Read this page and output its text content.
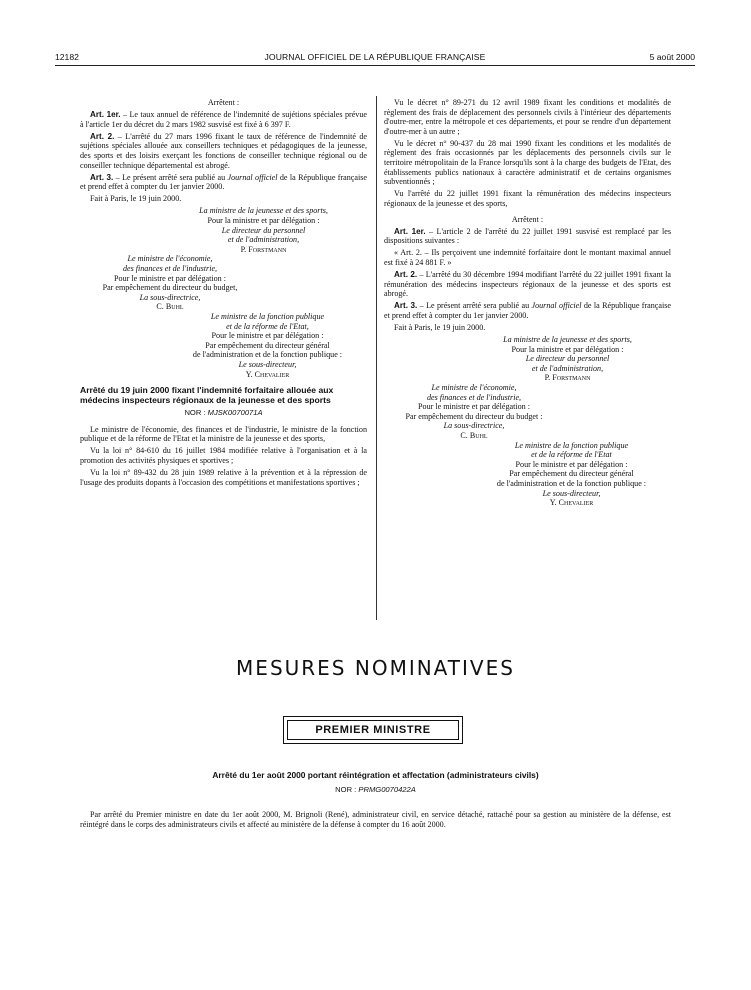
12182	JOURNAL OFFICIEL DE LA RÉPUBLIQUE FRANÇAISE	5 août 2000

Arrêtent :

Art. 1er. – Le taux annuel de référence de l'indemnité de sujétions spéciales prévue à l'article 1er du décret du 2 mars 1982 susvisé est fixé à 6 397 F.

Art. 2. – L'arrêté du 27 mars 1996 fixant le taux de référence de l'indemnité de sujétions spéciales allouée aux conseillers techniques et pédagogiques de la jeunesse, des sports et des loisirs exerçant les fonctions de conseiller technique régional ou de conseiller technique départemental est abrogé.

Art. 3. – Le présent arrêté sera publié au Journal officiel de la République française et prend effet à compter du 1er janvier 2000.

Fait à Paris, le 19 juin 2000.

La ministre de la jeunesse et des sports,

Pour la ministre et par délégation :

Le directeur du personnel

et de l'administration,

P. Forstmann

Le ministre de l'économie,

des finances et de l'industrie,

Pour le ministre et par délégation :

Par empêchement du directeur du budget,

La sous-directrice,

C. Buhl

Le ministre de la fonction publique

et de la réforme de l'Etat,

Pour le ministre et par délégation :

Par empêchement du directeur général

de l'administration et de la fonction publique :

Le sous-directeur,

Y. Chevalier

Arrêté du 19 juin 2000 fixant l'indemnité forfaitaire allouée aux médecins inspecteurs régionaux de la jeunesse et des sports

NOR : MJSK0070071A

Le ministre de l'économie, des finances et de l'industrie, le ministre de la fonction publique et de la réforme de l'Etat et la ministre de la jeunesse et des sports,

Vu la loi n° 84-610 du 16 juillet 1984 modifiée relative à l'organisation et à la promotion des activités physiques et sportives ;

Vu la loi n° 89-432 du 28 juin 1989 relative à la prévention et à la répression de l'usage des produits dopants à l'occasion des compétitions et manifestations sportives ;

Vu le décret n° 89-271 du 12 avril 1989 fixant les conditions et modalités de règlement des frais de déplacement des personnels civils à l'intérieur des départements d'outre-mer, entre la métropole et ces départements, et pour se rendre d'un département d'outre-mer à un autre ;

Vu le décret n° 90-437 du 28 mai 1990 fixant les conditions et les modalités de règlement des frais occasionnés par les déplacements des personnels civils sur le territoire métropolitain de la France lorsqu'ils sont à la charge des budgets de l'Etat, des établissements publics nationaux à caractère administratif et de certains organismes subventionnés ;

Vu l'arrêté du 22 juillet 1991 fixant la rémunération des médecins inspecteurs régionaux de la jeunesse et des sports,

Arrêtent :

Art. 1er. – L'article 2 de l'arrêté du 22 juillet 1991 susvisé est remplacé par les dispositions suivantes :

« Art. 2. – Ils perçoivent une indemnité forfaitaire dont le montant maximal annuel est fixé à 24 881 F. »

Art. 2. – L'arrêté du 30 décembre 1994 modifiant l'arrêté du 22 juillet 1991 fixant la rémunération des médecins inspecteurs régionaux de la jeunesse et des sports est abrogé.

Art. 3. – Le présent arrêté sera publié au Journal officiel de la République française et prend effet à compter du 1er janvier 2000.

Fait à Paris, le 19 juin 2000.

La ministre de la jeunesse et des sports,

Pour la ministre et par délégation :

Le directeur du personnel

et de l'administration,

P. Forstmann

Le ministre de l'économie,

des finances et de l'industrie,

Pour le ministre et par délégation :

Par empêchement du directeur du budget :

La sous-directrice,

C. Buhl

Le ministre de la fonction publique

et de la réforme de l'Etat

Pour le ministre et par délégation :

Par empêchement du directeur général

de l'administration et de la fonction publique :

Le sous-directeur,

Y. Chevalier

MESURES NOMINATIVES
PREMIER MINISTRE
Arrêté du 1er août 2000 portant réintégration et affectation (administrateurs civils)
NOR : PRMG0070422A
Par arrêté du Premier ministre en date du 1er août 2000, M. Brignoli (René), administrateur civil, en service détaché, rattaché pour sa gestion au ministère de la défense, est réintégré dans le corps des administrateurs civils et affecté au ministère de la défense à compter du 16 août 2000.
